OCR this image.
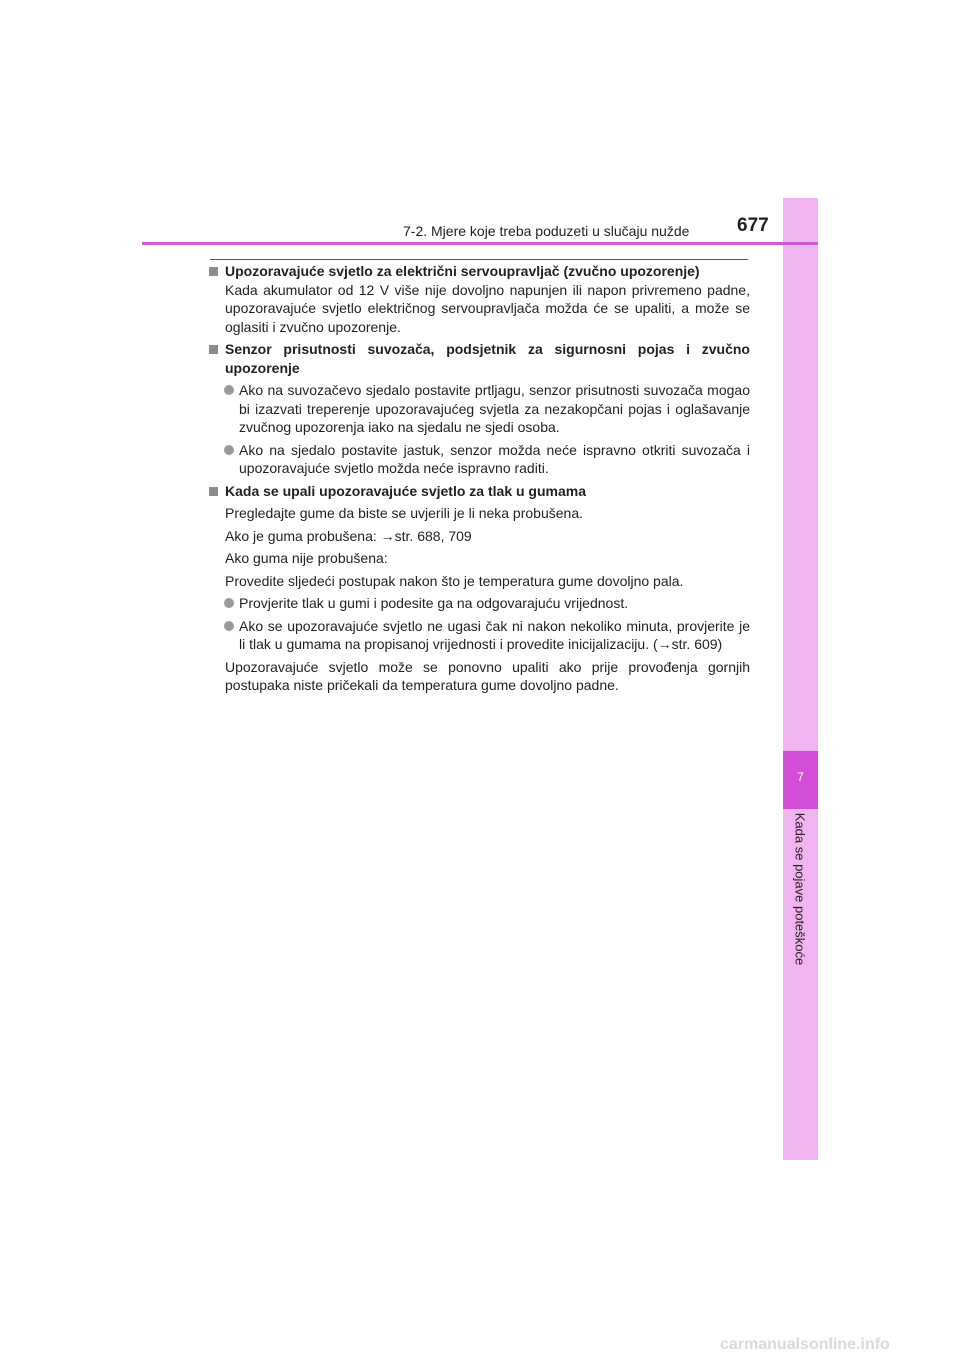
7
Kada se pojave poteškoće
7-2. Mjere koje treba poduzeti u slučaju nužde	677
Upozoravajuće svjetlo za električni servoupravljač (zvučno upozorenje)
Kada akumulator od 12 V više nije dovoljno napunjen ili napon privremeno padne, upozoravajuće svjetlo električnog servoupravljača možda će se upaliti, a može se oglasiti i zvučno upozorenje.
Senzor prisutnosti suvozača, podsjetnik za sigurnosni pojas i zvučno upozorenje
Ako na suvozačevo sjedalo postavite prtljagu, senzor prisutnosti suvozača mogao bi izazvati treperenje upozoravajućeg svjetla za nezakopčani pojas i oglašavanje zvučnog upozorenja iako na sjedalu ne sjedi osoba.
Ako na sjedalo postavite jastuk, senzor možda neće ispravno otkriti suvozača i upozoravajuće svjetlo možda neće ispravno raditi.
Kada se upali upozoravajuće svjetlo za tlak u gumama
Pregledajte gume da biste se uvjerili je li neka probušena.
Ako je guma probušena: →str. 688, 709
Ako guma nije probušena:
Provedite sljedeći postupak nakon što je temperatura gume dovoljno pala.
Provjerite tlak u gumi i podesite ga na odgovarajuću vrijednost.
Ako se upozoravajuće svjetlo ne ugasi čak ni nakon nekoliko minuta, provjerite je li tlak u gumama na propisanoj vrijednosti i provedite inicijalizaciju. (→str. 609)
Upozoravajuće svjetlo može se ponovno upaliti ako prije provođenja gornjih postupaka niste pričekali da temperatura gume dovoljno padne.
carmanualsonline.info
